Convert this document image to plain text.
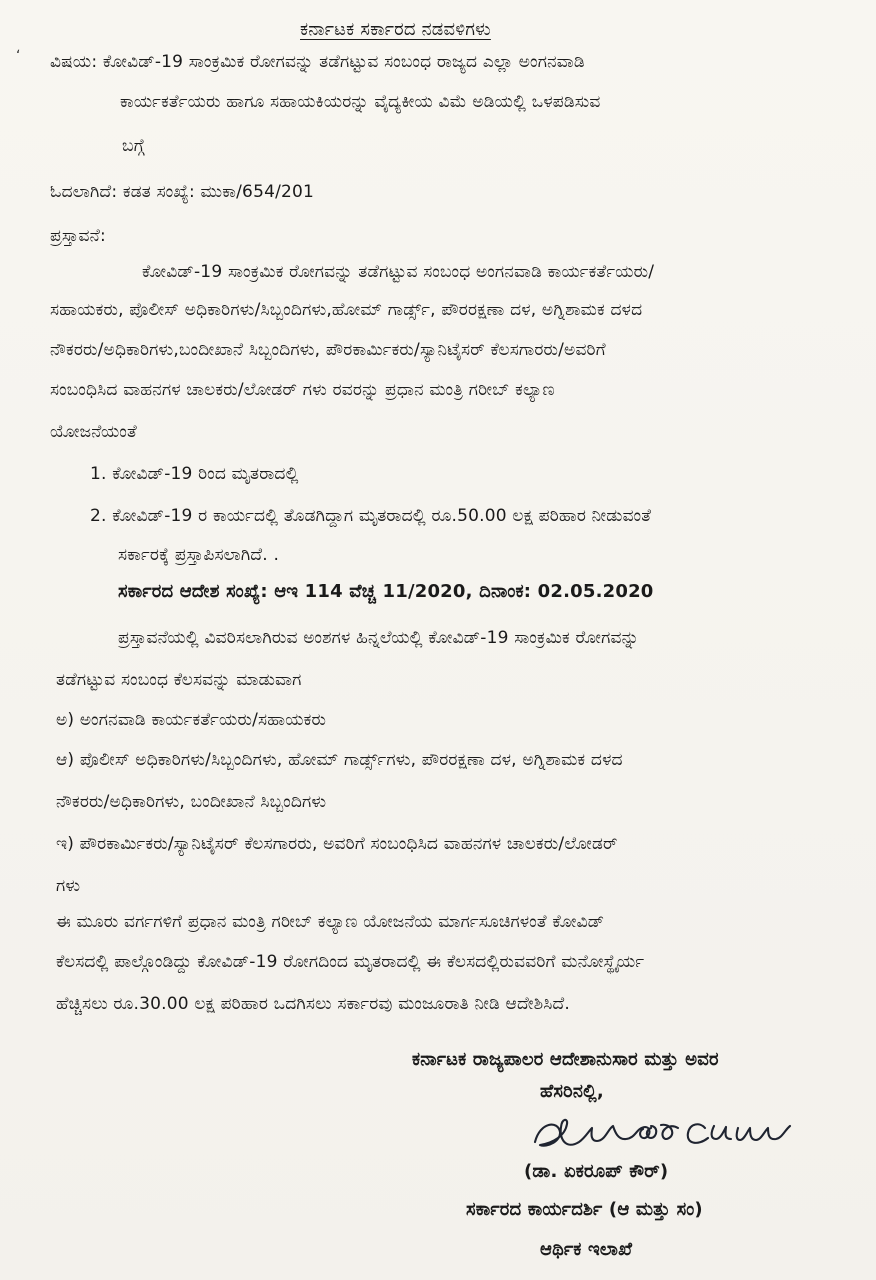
ಕರ್ನಾಟಕ ಸರ್ಕಾರದ ನಡವಳಿಗಳು
ʻ ವಿಷಯ: ಕೋವಿಡ್-19 ಸಾಂಕ್ರಮಿಕ ರೋಗವನ್ನು ತಡೆಗಟ್ಟುವ ಸಂಬಂಧ ರಾಜ್ಯದ ಎಲ್ಲಾ ಅಂಗನವಾಡಿ
ಕಾರ್ಯಕರ್ತೆಯರು ಹಾಗೂ ಸಹಾಯಕಿಯರನ್ನು ವೈದ್ಯಕೀಯ ವಿಮೆ ಅಡಿಯಲ್ಲಿ ಒಳಪಡಿಸುವ
ಬಗ್ಗೆ
ಓದಲಾಗಿದೆ: ಕಡತ ಸಂಖ್ಯೆ: ಮುಕಾ/654/201
ಪ್ರಸ್ತಾವನೆ:
ಕೋವಿಡ್-19 ಸಾಂಕ್ರಮಿಕ ರೋಗವನ್ನು ತಡೆಗಟ್ಟುವ ಸಂಬಂಧ ಅಂಗನವಾಡಿ ಕಾರ್ಯಕರ್ತೆಯರು/
ಸಹಾಯಕರು, ಪೊಲೀಸ್ ಅಧಿಕಾರಿಗಳು/ಸಿಬ್ಬಂದಿಗಳು,ಹೋಮ್ ಗಾರ್ಡ್ಸ್, ಪೌರರಕ್ಷಣಾ ದಳ, ಅಗ್ನಿಶಾಮಕ ದಳದ
ನೌಕರರು/ಅಧಿಕಾರಿಗಳು,ಬಂದೀಖಾನೆ ಸಿಬ್ಬಂದಿಗಳು, ಪೌರಕಾರ್ಮಿಕರು/ಸ್ಯಾನಿಟೈಸರ್ ಕೆಲಸಗಾರರು/ಅವರಿಗೆ
ಸಂಬಂಧಿಸಿದ ವಾಹನಗಳ ಚಾಲಕರು/ಲೋಡರ್ ಗಳು ರವರನ್ನು ಪ್ರಧಾನ ಮಂತ್ರಿ ಗರೀಬ್ ಕಲ್ಯಾಣ
ಯೋಜನೆಯಂತೆ
1. ಕೋವಿಡ್-19 ರಿಂದ ಮೃತರಾದಲ್ಲಿ
2. ಕೋವಿಡ್-19 ರ ಕಾರ್ಯದಲ್ಲಿ ತೊಡಗಿದ್ದಾಗ ಮೃತರಾದಲ್ಲಿ ರೂ.50.00 ಲಕ್ಷ ಪರಿಹಾರ ನೀಡುವಂತೆ
ಸರ್ಕಾರಕ್ಕೆ ಪ್ರಸ್ತಾಪಿಸಲಾಗಿದೆ. .
ಸರ್ಕಾರದ ಆದೇಶ ಸಂಖ್ಯೆ: ಆಇ 114 ವೆಚ್ಚ 11/2020, ದಿನಾಂಕ: 02.05.2020
ಪ್ರಸ್ತಾವನೆಯಲ್ಲಿ ವಿವರಿಸಲಾಗಿರುವ ಅಂಶಗಳ ಹಿನ್ನಲೆಯಲ್ಲಿ ಕೋವಿಡ್-19 ಸಾಂಕ್ರಮಿಕ ರೋಗವನ್ನು
ತಡೆಗಟ್ಟುವ ಸಂಬಂಧ ಕೆಲಸವನ್ನು ಮಾಡುವಾಗ
ಅ) ಅಂಗನವಾಡಿ ಕಾರ್ಯಕರ್ತೆಯರು/ಸಹಾಯಕರು
ಆ) ಪೊಲೀಸ್ ಅಧಿಕಾರಿಗಳು/ಸಿಬ್ಬಂದಿಗಳು, ಹೋಮ್ ಗಾರ್ಡ್ಸ್‌ಗಳು, ಪೌರರಕ್ಷಣಾ ದಳ, ಅಗ್ನಿಶಾಮಕ ದಳದ
ನೌಕರರು/ಅಧಿಕಾರಿಗಳು, ಬಂದೀಖಾನೆ ಸಿಬ್ಬಂದಿಗಳು
ಇ) ಪೌರಕಾರ್ಮಿಕರು/ಸ್ಯಾನಿಟೈಸರ್ ಕೆಲಸಗಾರರು, ಅವರಿಗೆ ಸಂಬಂಧಿಸಿದ ವಾಹನಗಳ ಚಾಲಕರು/ಲೋಡರ್
ಗಳು
ಈ ಮೂರು ವರ್ಗಗಳಿಗೆ ಪ್ರಧಾನ ಮಂತ್ರಿ ಗರೀಬ್ ಕಲ್ಯಾಣ ಯೋಜನೆಯ ಮಾರ್ಗಸೂಚಿಗಳಂತೆ ಕೋವಿಡ್
ಕೆಲಸದಲ್ಲಿ ಪಾಲ್ಗೊಂಡಿದ್ದು ಕೋವಿಡ್-19 ರೋಗದಿಂದ ಮೃತರಾದಲ್ಲಿ ಈ ಕೆಲಸದಲ್ಲಿರುವವರಿಗೆ ಮನೋಸ್ಥೈರ್ಯ
ಹೆಚ್ಚಿಸಲು ರೂ.30.00 ಲಕ್ಷ ಪರಿಹಾರ ಒದಗಿಸಲು ಸರ್ಕಾರವು ಮಂಜೂರಾತಿ ನೀಡಿ ಆದೇಶಿಸಿದೆ.
ಕರ್ನಾಟಕ ರಾಜ್ಯಪಾಲರ ಆದೇಶಾನುಸಾರ ಮತ್ತು ಅವರ
ಹೆಸರಿನಲ್ಲಿ,
(ಡಾ. ಏಕರೂಪ್ ಕೌರ್)
ಸರ್ಕಾರದ ಕಾರ್ಯದರ್ಶಿ (ಆ ಮತ್ತು ಸಂ)
ಆರ್ಥಿಕ ಇಲಾಖೆ
